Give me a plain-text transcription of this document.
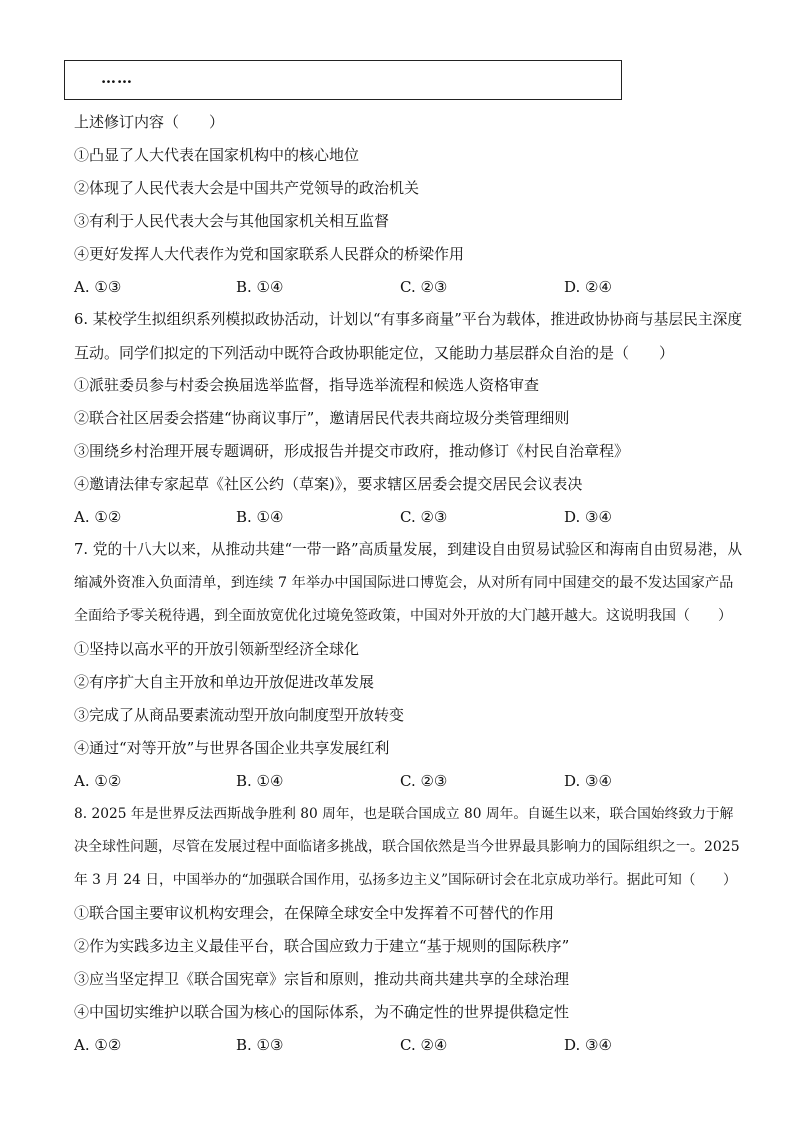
……
上述修订内容（　　）
①凸显了人大代表在国家机构中的核心地位
②体现了人民代表大会是中国共产党领导的政治机关
③有利于人民代表大会与其他国家机关相互监督
④更好发挥人大代表作为党和国家联系人民群众的桥梁作用
A. ①③	B. ①④	C. ②③	D. ②④
6. 某校学生拟组织系列模拟政协活动，计划以“有事多商量”平台为载体，推进政协协商与基层民主深度
互动。同学们拟定的下列活动中既符合政协职能定位，又能助力基层群众自治的是（　　）
①派驻委员参与村委会换届选举监督，指导选举流程和候选人资格审查
②联合社区居委会搭建“协商议事厅”，邀请居民代表共商垃圾分类管理细则
③围绕乡村治理开展专题调研，形成报告并提交市政府，推动修订《村民自治章程》
④邀请法律专家起草《社区公约（草案)》，要求辖区居委会提交居民会议表决
A. ①②	B. ①④	C. ②③	D. ③④
7. 党的十八大以来，从推动共建“一带一路”高质量发展，到建设自由贸易试验区和海南自由贸易港，从
缩减外资准入负面清单，到连续 7 年举办中国国际进口博览会，从对所有同中国建交的最不发达国家产品
全面给予零关税待遇，到全面放宽优化过境免签政策，中国对外开放的大门越开越大。这说明我国（　　）
①坚持以高水平的开放引领新型经济全球化
②有序扩大自主开放和单边开放促进改革发展
③完成了从商品要素流动型开放向制度型开放转变
④通过“对等开放”与世界各国企业共享发展红利
A. ①②	B. ①④	C. ②③	D. ③④
8. 2025 年是世界反法西斯战争胜利 80 周年，也是联合国成立 80 周年。自诞生以来，联合国始终致力于解
决全球性问题，尽管在发展过程中面临诸多挑战，联合国依然是当今世界最具影响力的国际组织之一。2025
年 3 月 24 日，中国举办的“加强联合国作用，弘扬多边主义”国际研讨会在北京成功举行。据此可知（　　）
①联合国主要审议机构安理会，在保障全球安全中发挥着不可替代的作用
②作为实践多边主义最佳平台，联合国应致力于建立“基于规则的国际秩序”
③应当坚定捍卫《联合国宪章》宗旨和原则，推动共商共建共享的全球治理
④中国切实维护以联合国为核心的国际体系，为不确定性的世界提供稳定性
A. ①②	B. ①③	C. ②④	D. ③④
